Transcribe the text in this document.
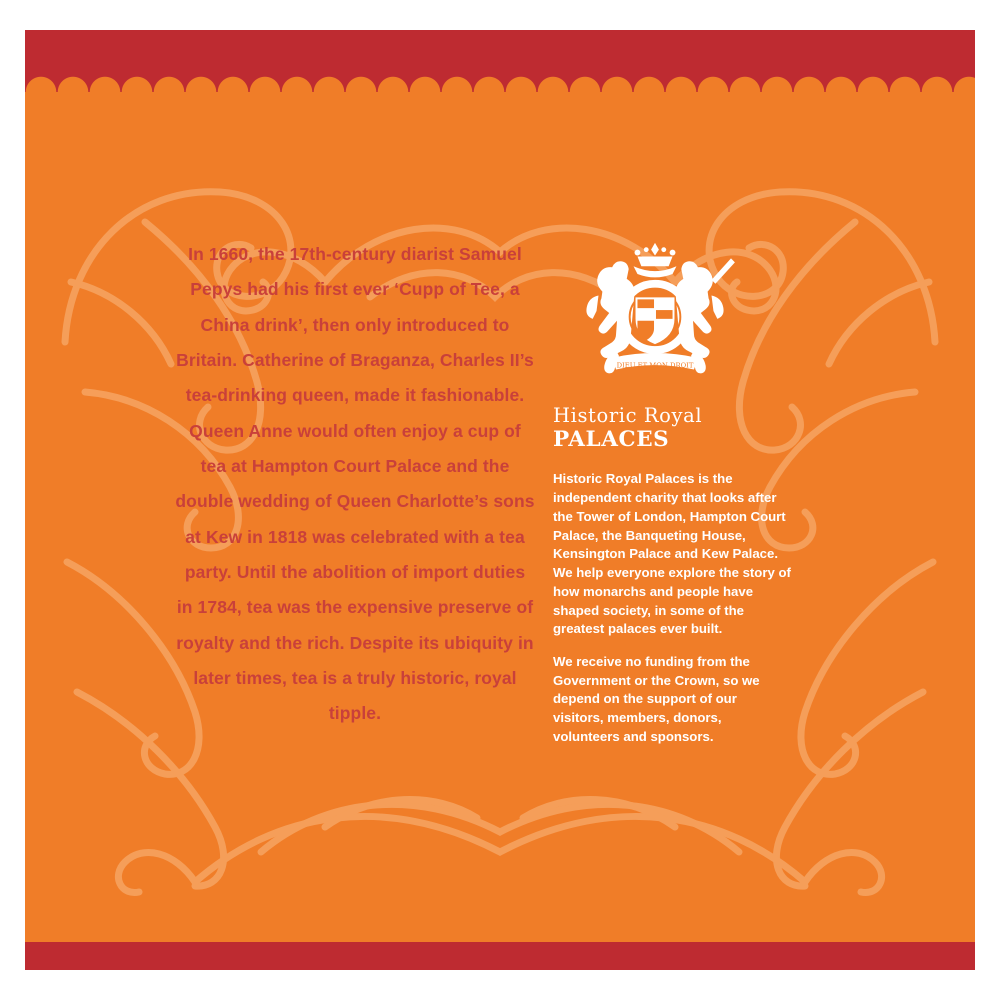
In 1660, the 17th-century diarist Samuel Pepys had his first ever ‘Cupp of Tee, a China drink’, then only introduced to Britain. Catherine of Braganza, Charles II’s tea-drinking queen, made it fashionable. Queen Anne would often enjoy a cup of tea at Hampton Court Palace and the double wedding of Queen Charlotte’s sons at Kew in 1818 was celebrated with a tea party. Until the abolition of import duties in 1784, tea was the expensive preserve of royalty and the rich. Despite its ubiquity in later times, tea is a truly historic, royal tipple.
DIEU ET MON DROIT
Historic Royal
PALACES

Historic Royal Palaces is the independent charity that looks after the Tower of London, Hampton Court Palace, the Banqueting House, Kensington Palace and Kew Palace. We help everyone explore the story of how monarchs and people have shaped society, in some of the greatest palaces ever built.

We receive no funding from the Government or the Crown, so we depend on the support of our visitors, members, donors, volunteers and sponsors.
